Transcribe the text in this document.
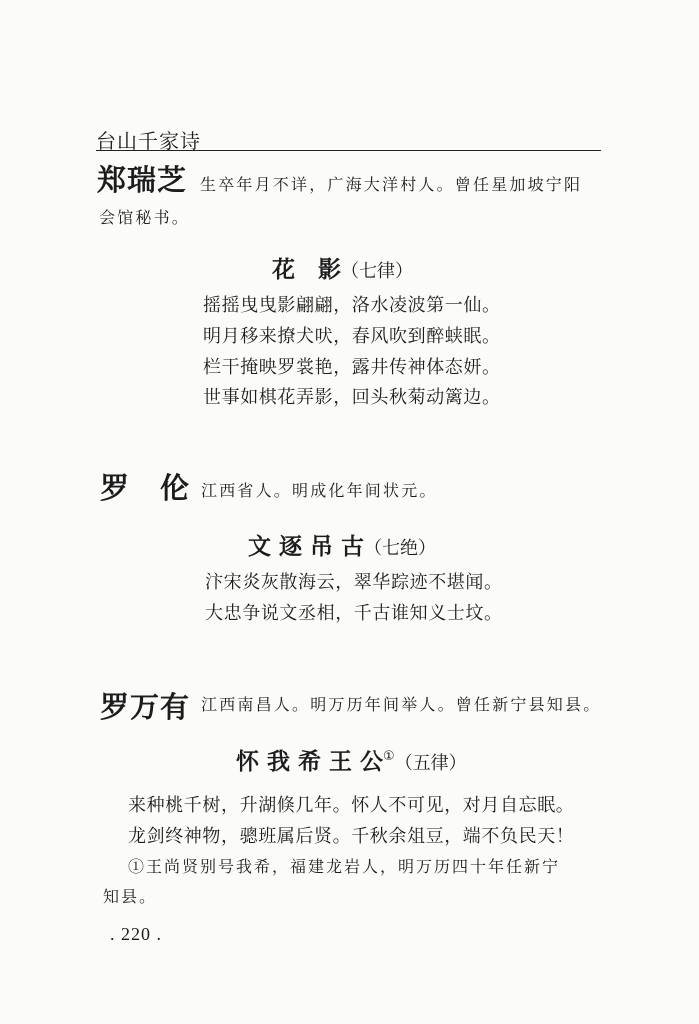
台山千家诗
郑瑞芝 生卒年月不详，广海大洋村人。曾任星加坡宁阳
会馆秘书。
花　影（七律）
摇摇曳曳影翩翩，洛水凌波第一仙。
明月移来撩犬吠，春风吹到醉蛱眠。
栏干掩映罗裳艳，露井传神体态妍。
世事如棋花弄影，回头秋菊动篱边。
罗　伦 江西省人。明成化年间状元。
文 逐 吊 古（七绝）
汴宋炎灰散海云，翠华踪迹不堪闻。
大忠争说文丞相，千古谁知义士坟。
罗万有 江西南昌人。明万历年间举人。曾任新宁县知县。
怀 我 希 王 公①（五律）
来种桃千树，升湖倏几年。怀人不可见，对月自忘眠。
龙剑终神物，骢班属后贤。千秋余俎豆，端不负民天！
①王尚贤别号我希，福建龙岩人，明万历四十年任新宁
知县。
. 220 .
